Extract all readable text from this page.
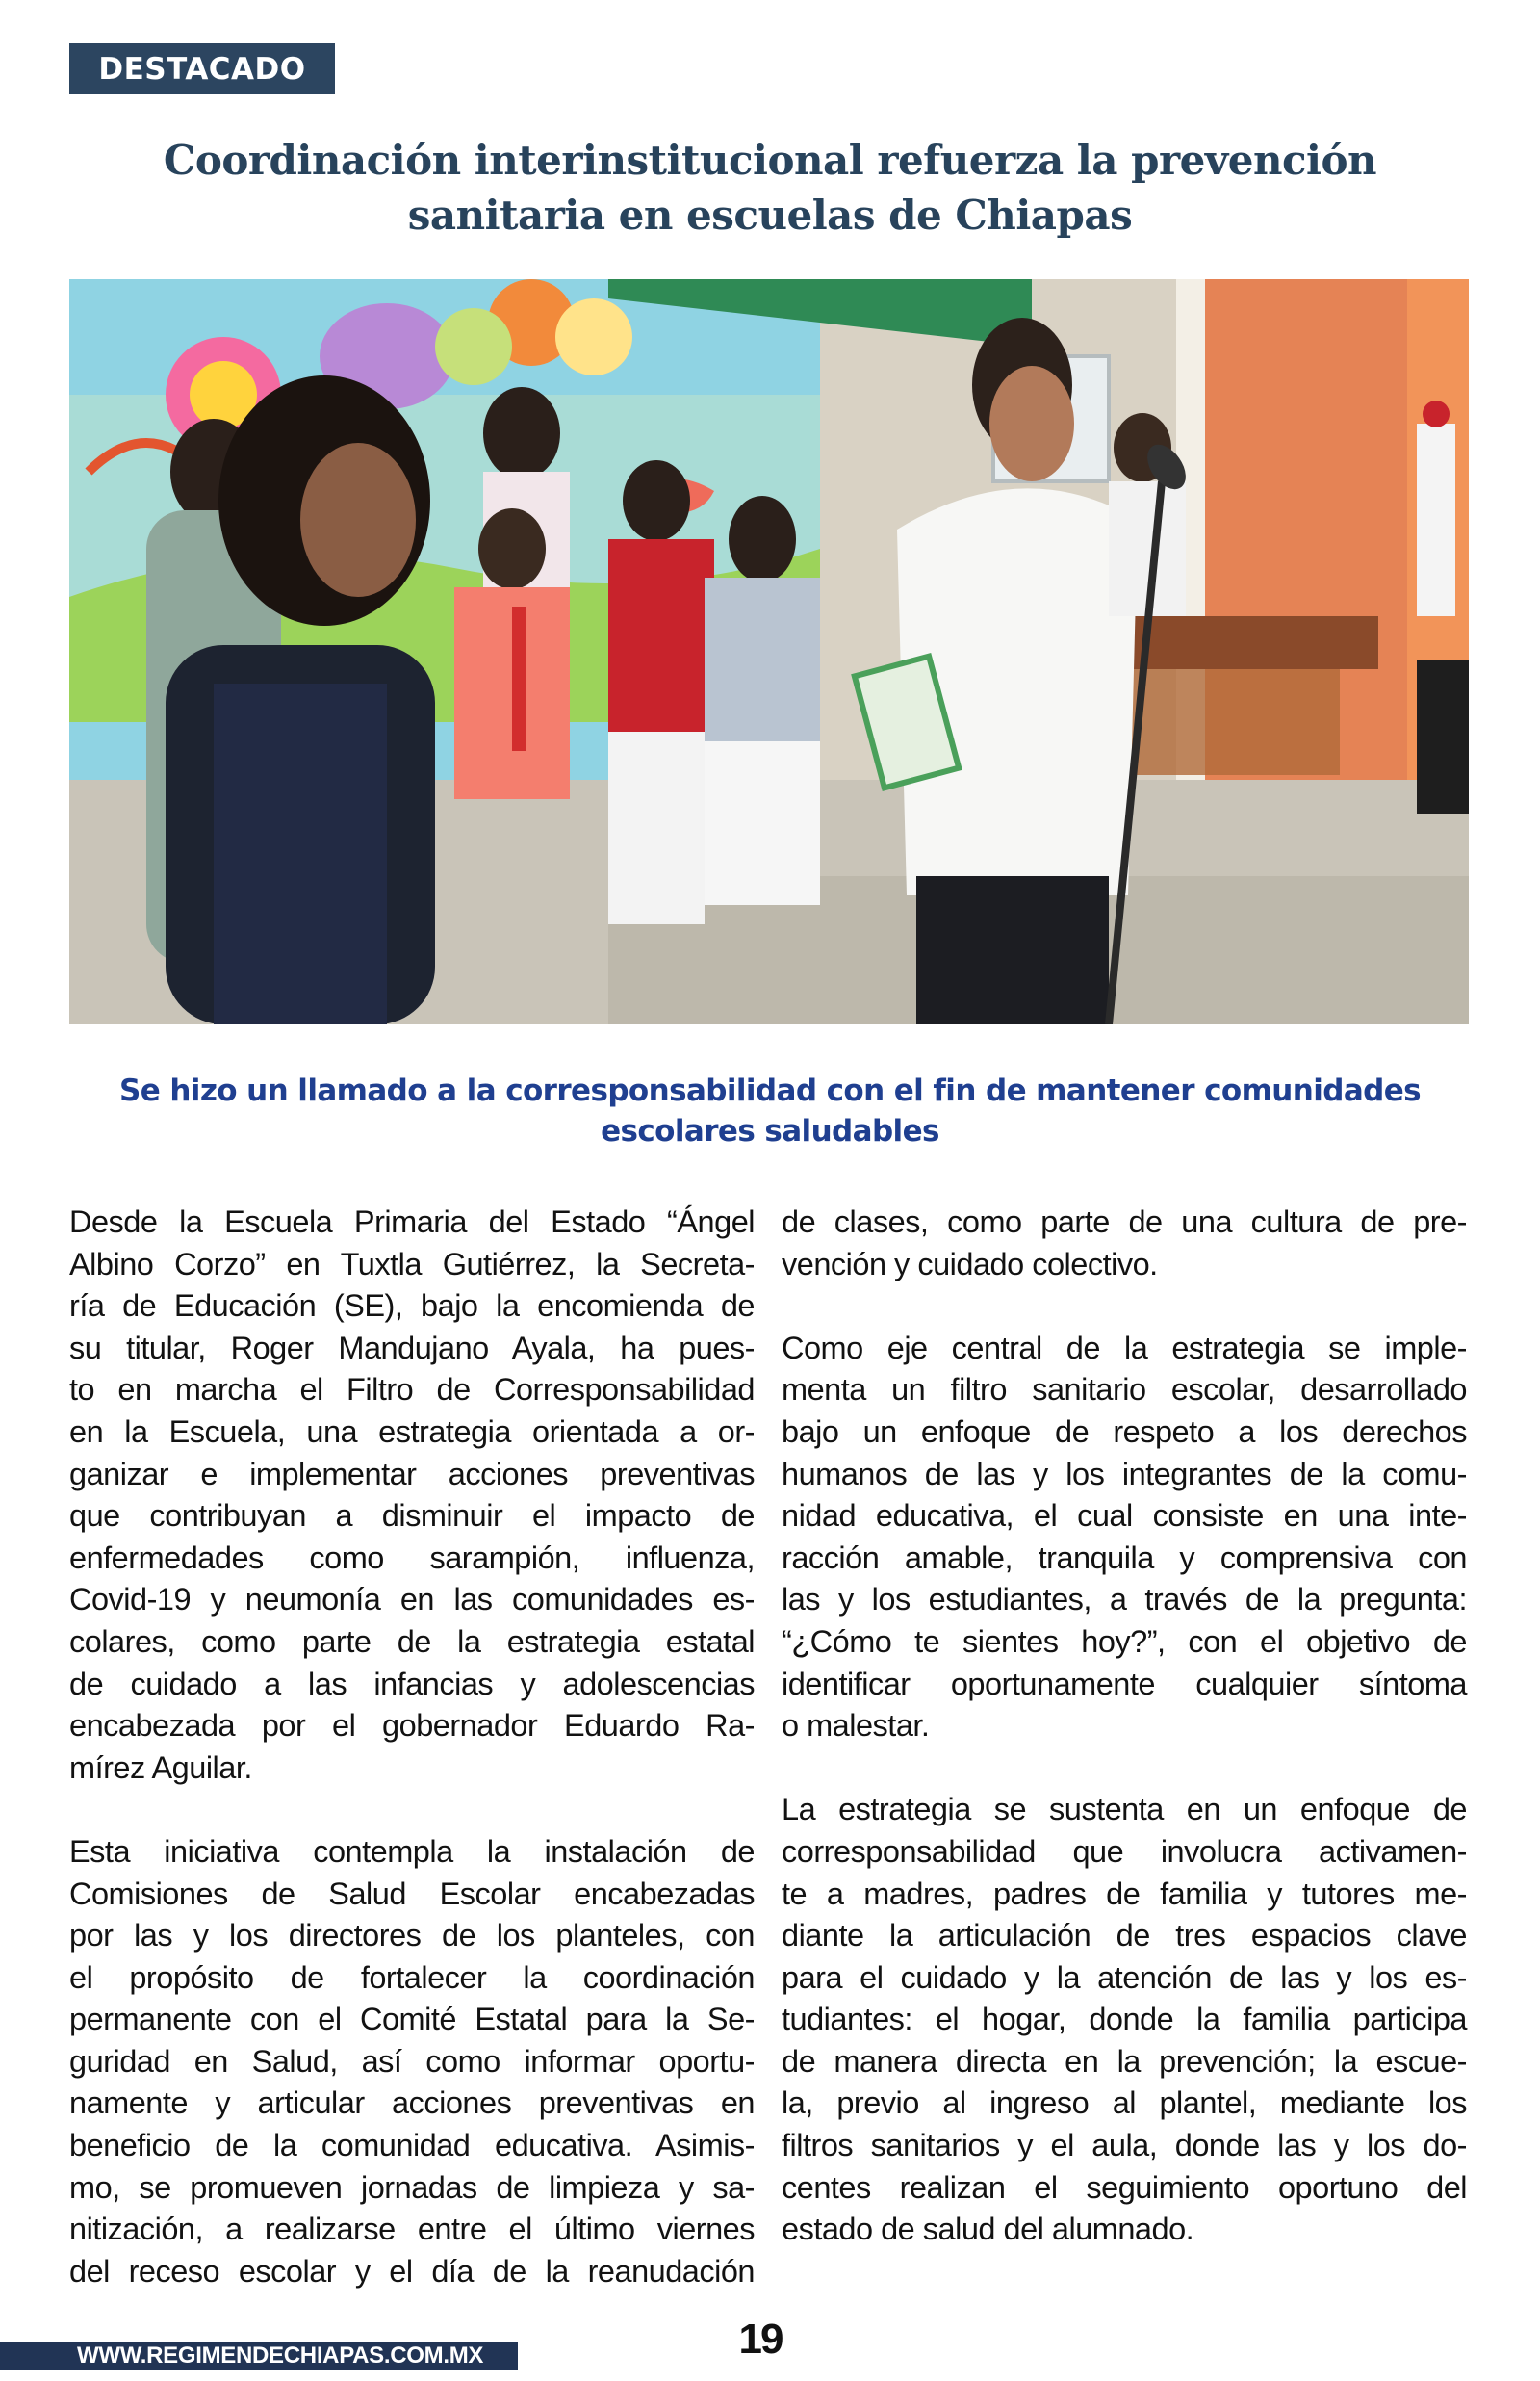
DESTACADO
Coordinación interinstitucional refuerza la prevención
sanitaria en escuelas de Chiapas
Se hizo un llamado a la corresponsabilidad con el fin de mantener comunidades
escolares saludables

Desde la Escuela Primaria del Estado “Ángel
Albino Corzo” en Tuxtla Gutiérrez, la Secreta-
ría de Educación (SE), bajo la encomienda de
su titular, Roger Mandujano Ayala, ha pues-
to en marcha el Filtro de Corresponsabilidad
en la Escuela, una estrategia orientada a or-
ganizar e implementar acciones preventivas
que contribuyan a disminuir el impacto de
enfermedades como sarampión, influenza,
Covid-19 y neumonía en las comunidades es-
colares, como parte de la estrategia estatal
de cuidado a las infancias y adolescencias
encabezada por el gobernador Eduardo Ra-
mírez Aguilar.

Esta iniciativa contempla la instalación de
Comisiones de Salud Escolar encabezadas
por las y los directores de los planteles, con
el propósito de fortalecer la coordinación
permanente con el Comité Estatal para la Se-
guridad en Salud, así como informar oportu-
namente y articular acciones preventivas en
beneficio de la comunidad educativa. Asimis-
mo, se promueven jornadas de limpieza y sa-
nitización, a realizarse entre el último viernes
del receso escolar y el día de la reanudación

de clases, como parte de una cultura de pre-
vención y cuidado colectivo.

Como eje central de la estrategia se imple-
menta un filtro sanitario escolar, desarrollado
bajo un enfoque de respeto a los derechos
humanos de las y los integrantes de la comu-
nidad educativa, el cual consiste en una inte-
racción amable, tranquila y comprensiva con
las y los estudiantes, a través de la pregunta:
“¿Cómo te sientes hoy?”, con el objetivo de
identificar oportunamente cualquier síntoma
o malestar.

La estrategia se sustenta en un enfoque de
corresponsabilidad que involucra activamen-
te a madres, padres de familia y tutores me-
diante la articulación de tres espacios clave
para el cuidado y la atención de las y los es-
tudiantes: el hogar, donde la familia participa
de manera directa en la prevención; la escue-
la, previo al ingreso al plantel, mediante los
filtros sanitarios y el aula, donde las y los do-
centes realizan el seguimiento oportuno del
estado de salud del alumnado.

19
WWW.REGIMENDECHIAPAS.COM.MX
